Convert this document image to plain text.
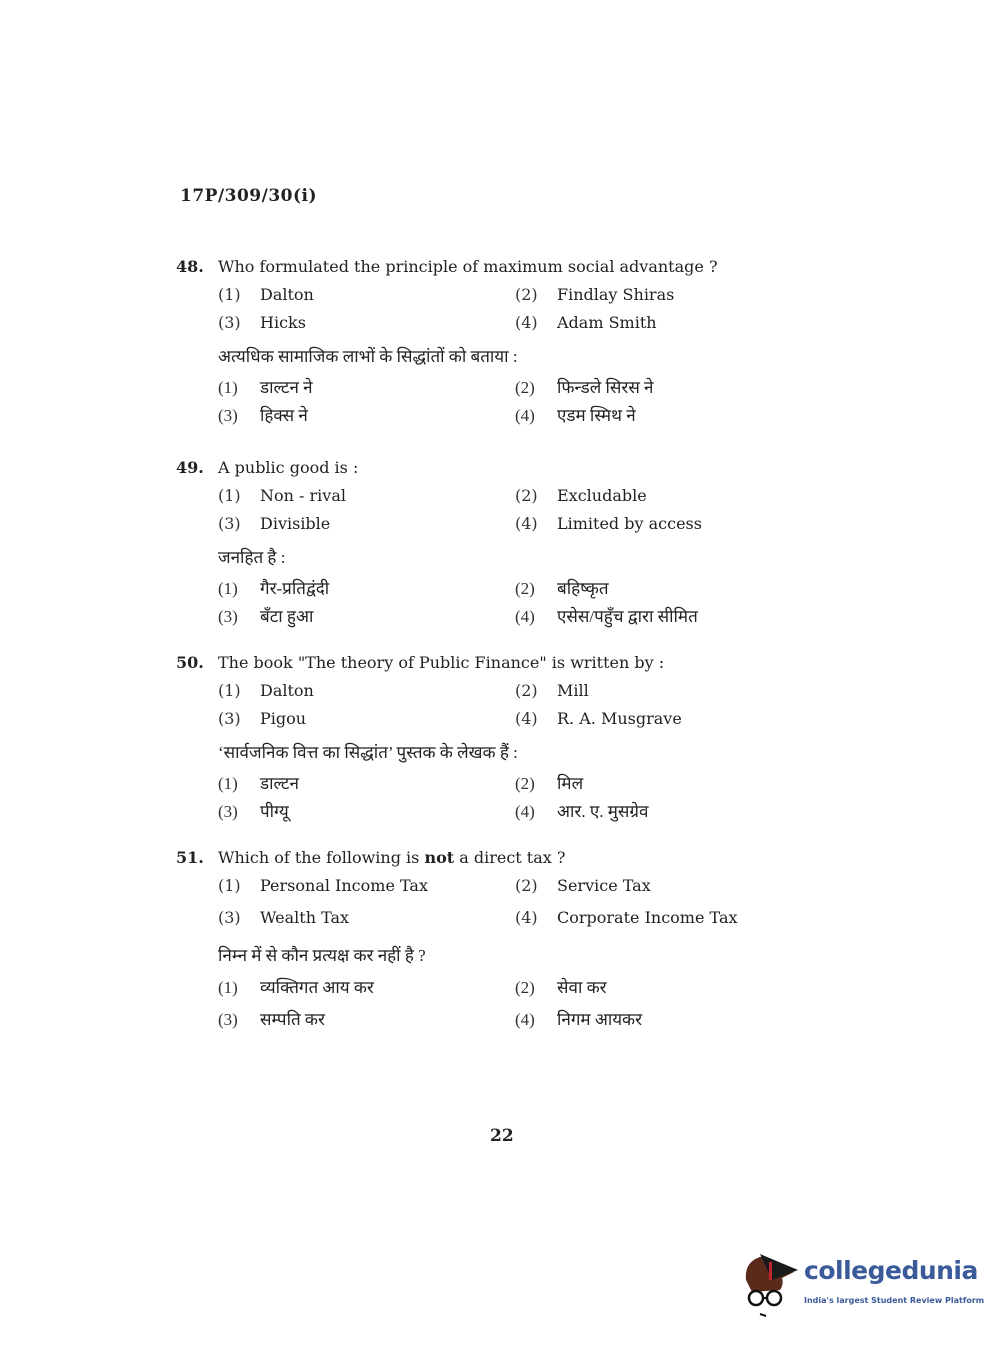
17P/309/30(i)
48. Who formulated the principle of maximum social advantage ?
(1) Dalton	(2) Findlay Shiras
(3) Hicks	(4) Adam Smith
अत्यधिक सामाजिक लाभों के सिद्धांतों को बताया :
(1) डाल्टन ने	(2) फिन्डले सिरस ने
(3) हिक्स ने	(4) एडम स्मिथ ने
49. A public good is :
(1) Non - rival	(2) Excludable
(3) Divisible	(4) Limited by access
जनहित है :
(1) गैर-प्रतिद्वंदी	(2) बहिष्कृत
(3) बँटा हुआ	(4) एसेस/पहुँच द्वारा सीमित
50. The book "The theory of Public Finance" is written by :
(1) Dalton	(2) Mill
(3) Pigou	(4) R. A. Musgrave
‘सार्वजनिक वित्त का सिद्धांत’ पुस्तक के लेखक हैं :
(1) डाल्टन	(2) मिल
(3) पीग्यू	(4) आर. ए. मुसग्रेव
51. Which of the following is not a direct tax ?
(1) Personal Income Tax	(2) Service Tax
(3) Wealth Tax	(4) Corporate Income Tax
निम्न में से कौन प्रत्यक्ष कर नहीं है ?
(1) व्यक्तिगत आय कर	(2) सेवा कर
(3) सम्पति कर	(4) निगम आयकर
22
collegedunia
India's largest Student Review Platform
